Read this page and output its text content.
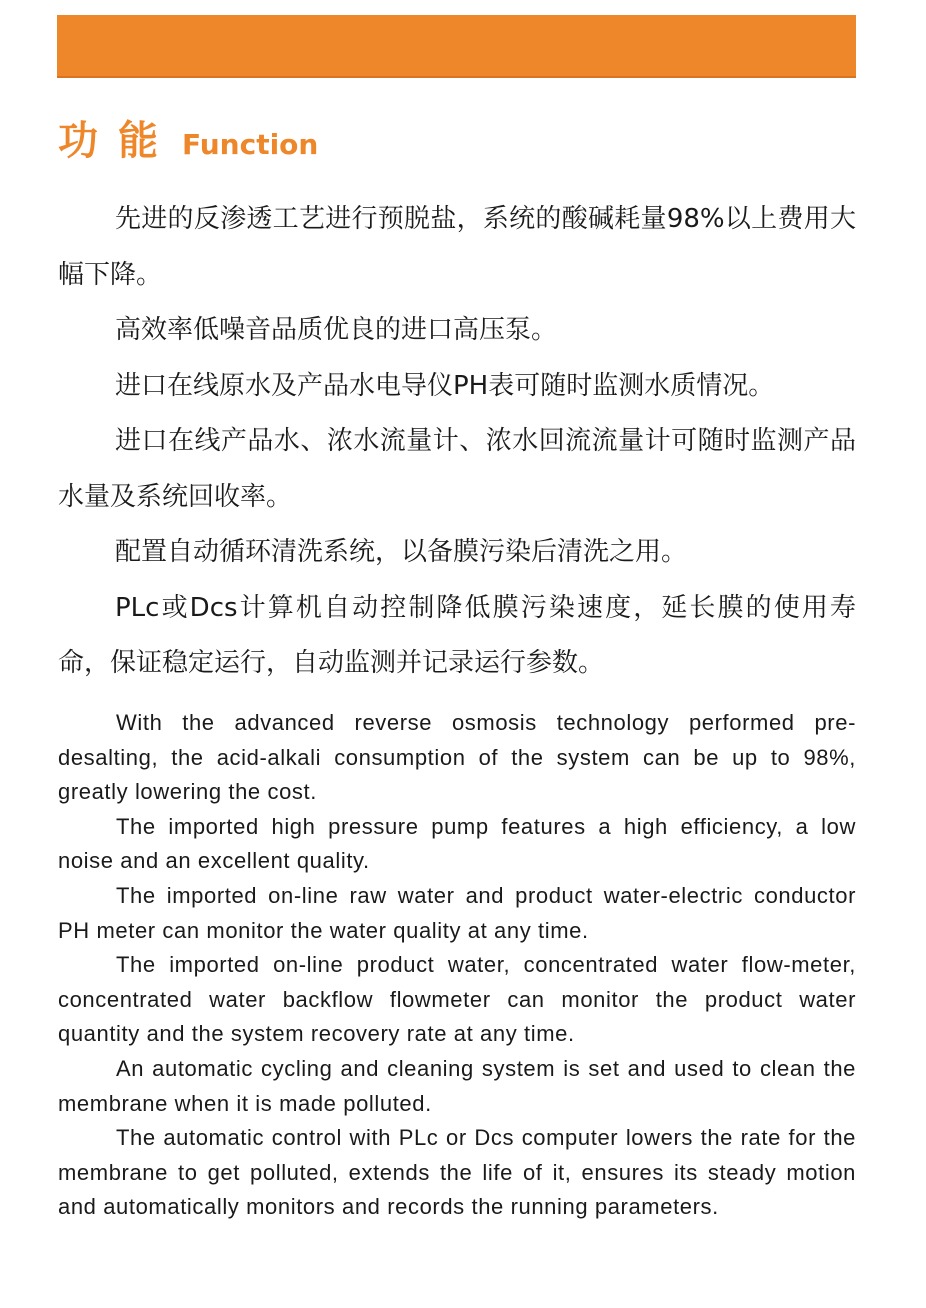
功能 Function

先进的反渗透工艺进行预脱盐，系统的酸碱耗量98%以上费用大幅下降。

高效率低噪音品质优良的进口高压泵。

进口在线原水及产品水电导仪PH表可随时监测水质情况。

进口在线产品水、浓水流量计、浓水回流流量计可随时监测产品水量及系统回收率。

配置自动循环清洗系统，以备膜污染后清洗之用。

PLc或Dcs计算机自动控制降低膜污染速度，延长膜的使用寿命，保证稳定运行，自动监测并记录运行参数。

With the advanced reverse osmosis technology performed pre-desalting, the acid-alkali consumption of the system can be up to 98%, greatly lowering the cost.

The imported high pressure pump features a high efficiency, a low noise and an excellent quality.

The imported on-line raw water and product water-electric conductor PH meter can monitor the water quality at any time.

The imported on-line product water, concentrated water flow-meter, concentrated water backflow flowmeter can monitor the product water quantity and the system recovery rate at any time.

An automatic cycling and cleaning system is set and used to clean the membrane when it is made polluted.

The automatic control with PLc or Dcs computer lowers the rate for the membrane to get polluted, extends the life of it, ensures its steady motion and automatically monitors and records the running parameters.
